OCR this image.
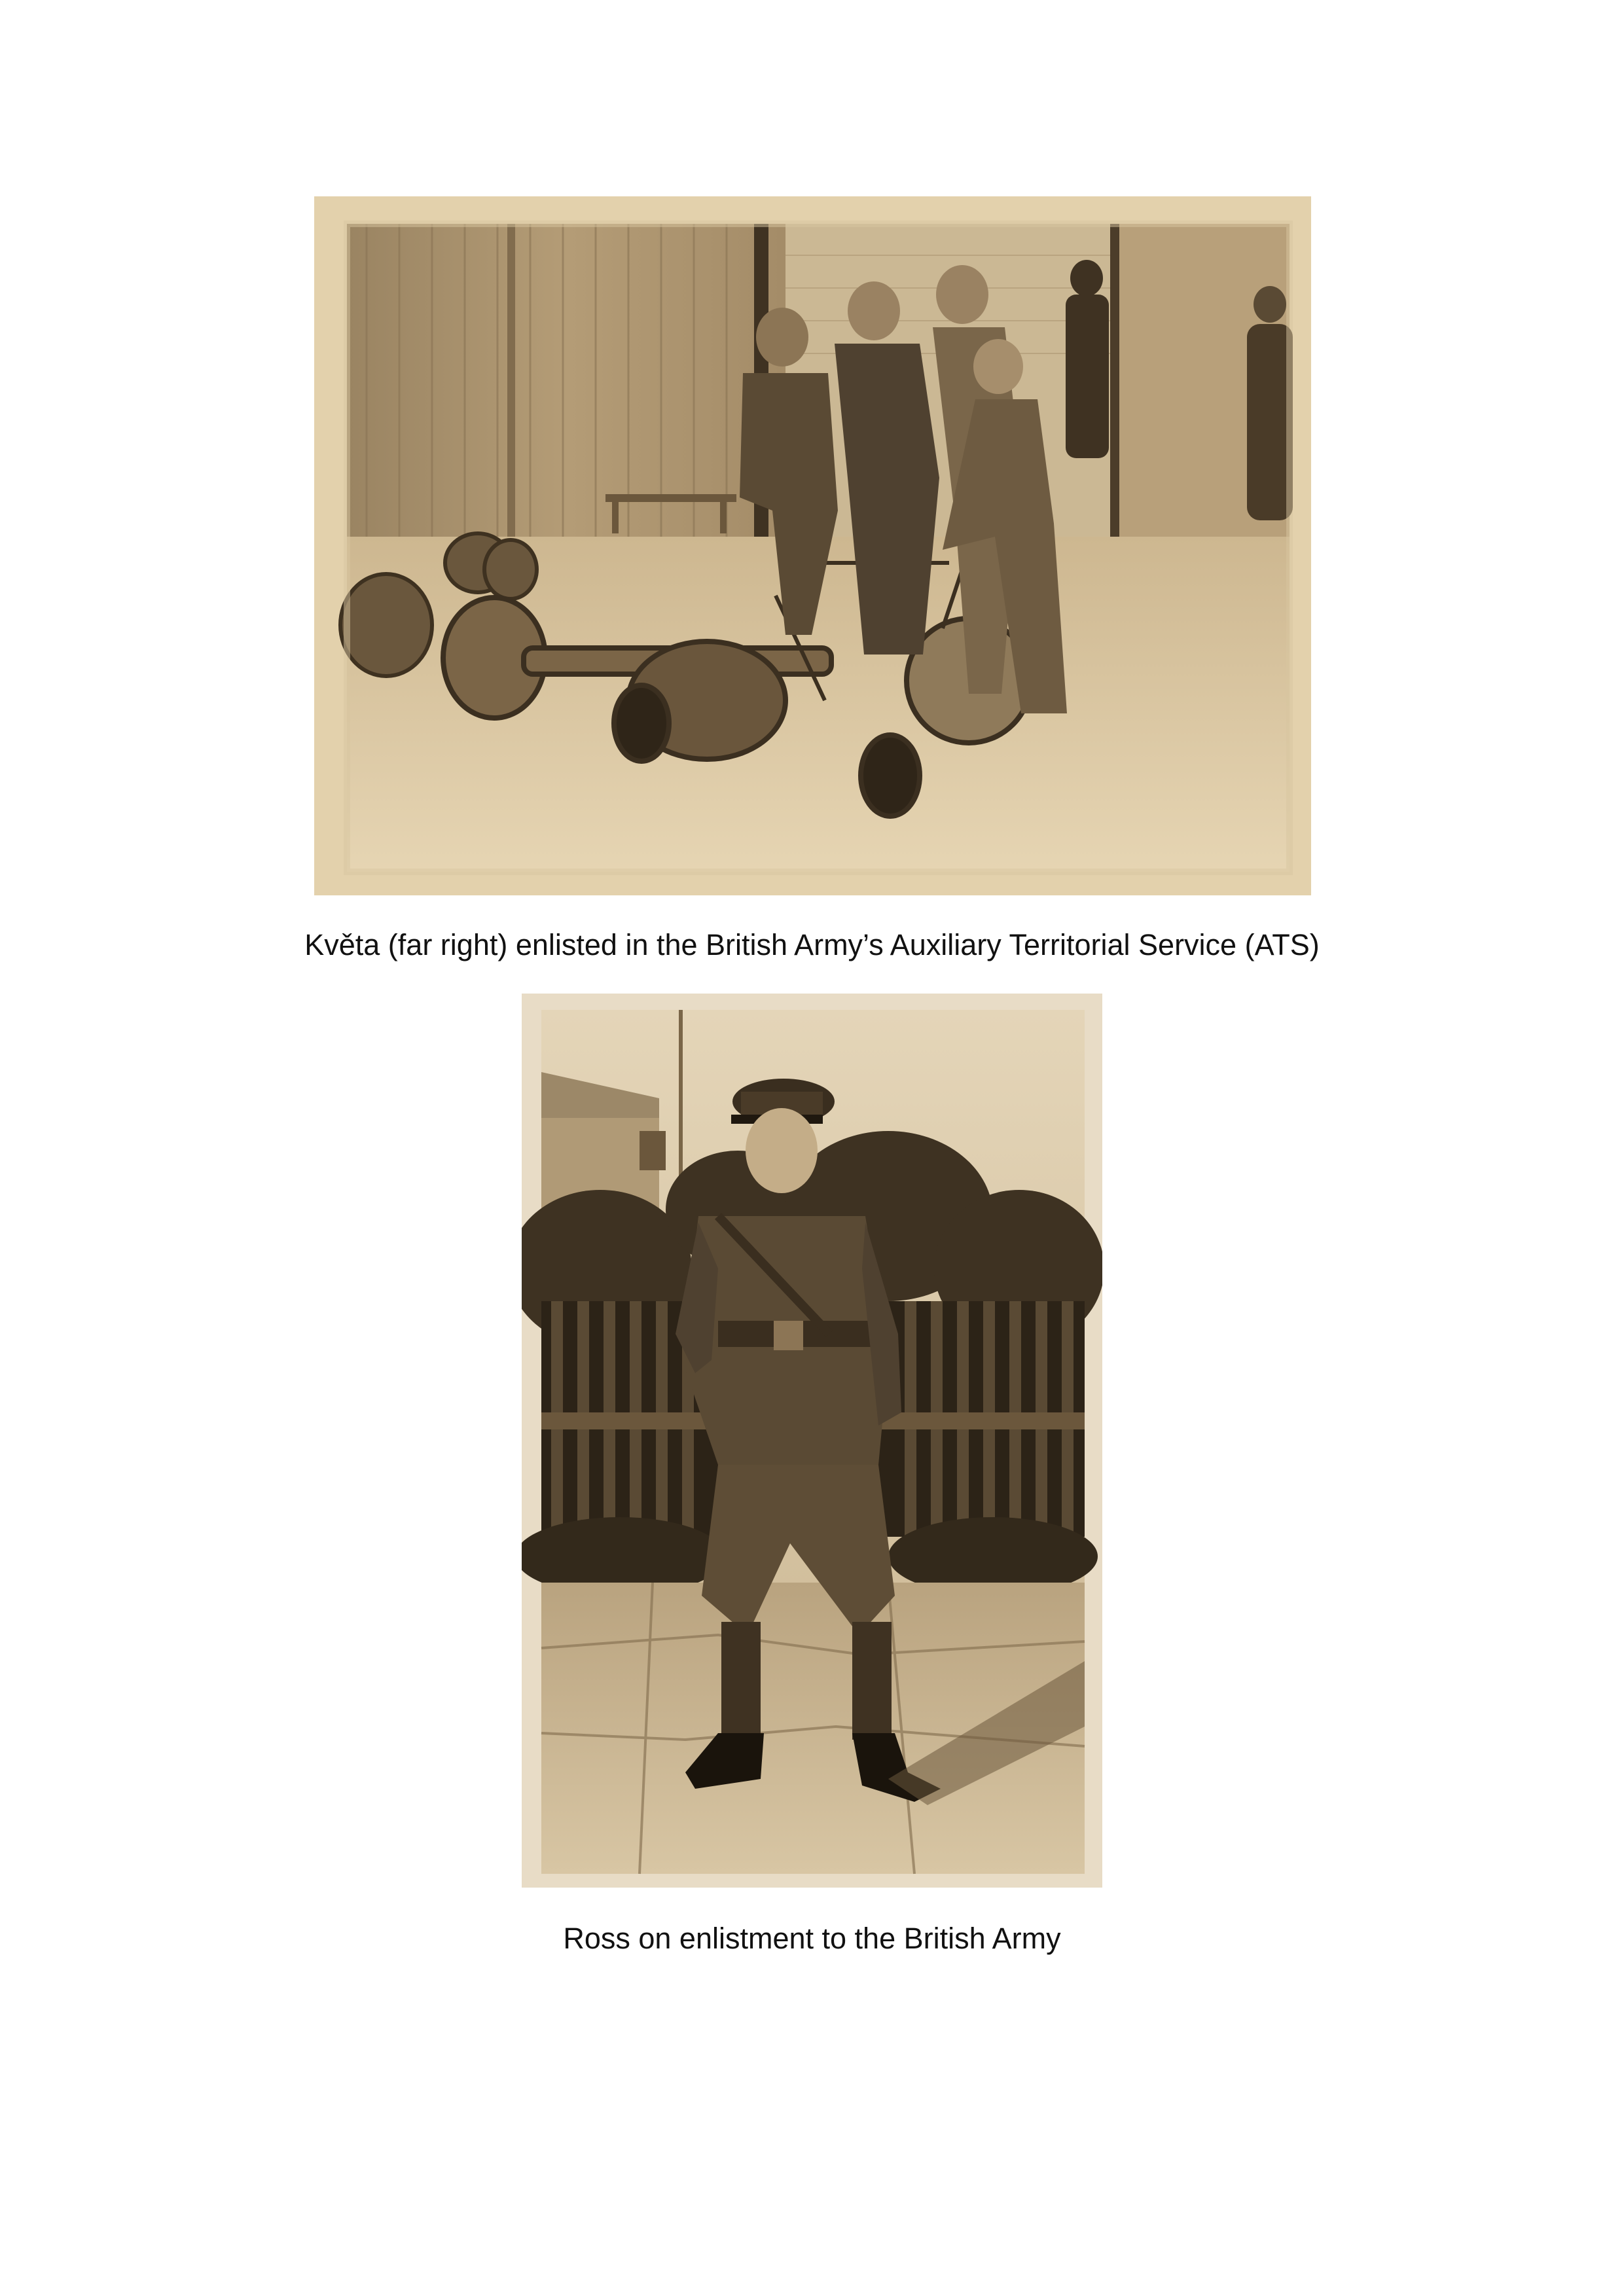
Květa (far right) enlisted in the British Army’s Auxiliary Territorial Service (ATS)
Ross on enlistment to the British Army
